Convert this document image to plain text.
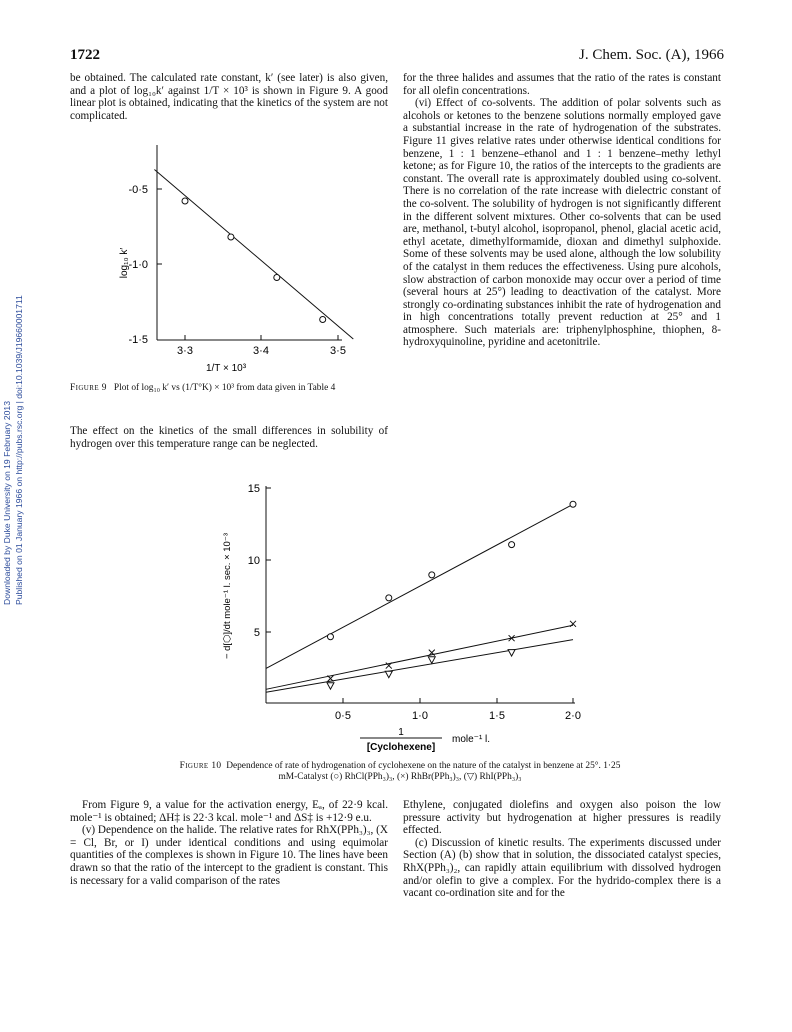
1722	J. Chem. Soc. (A), 1966
Downloaded by Duke University on 19 February 2013 Published on 01 January 1966 on http://pubs.rsc.org | doi:10.1039/J19660001711

be obtained. The calculated rate constant, k′ (see later) is also given, and a plot of log₁₀k′ against 1/T × 10³ is shown in Figure 9. A good linear plot is obtained, indicating that the kinetics of the system are not complicated.

-0·5
-1·0
-1·5
3·3	3·4	3·5
log₁₀ k′
1/T × 10³
Figure 9 Plot of log₁₀ k′ vs (1/T°K) × 10³ from data given in Table 4

The effect on the kinetics of the small differences in solubility of hydrogen over this temperature range can be neglected.

for the three halides and assumes that the ratio of the rates is constant for all olefin concentrations.

(vi) Effect of co-solvents. The addition of polar solvents such as alcohols or ketones to the benzene solutions normally employed gave a substantial increase in the rate of hydrogenation of the substrates. Figure 11 gives relative rates under otherwise identical conditions for benzene, 1 : 1 benzene–ethanol and 1 : 1 benzene–methy lethyl ketone; as for Figure 10, the ratios of the intercepts to the gradients are constant. The overall rate is approximately doubled using co-solvent. There is no correlation of the rate increase with dielectric constant of the co-solvent. The solubility of hydrogen is not significantly different in the different solvent mixtures. Other co-solvents that can be used are, methanol, t-butyl alcohol, isopropanol, phenol, glacial acetic acid, ethyl acetate, dimethylformamide, dioxan and dimethyl sulphoxide. Some of these solvents may be used alone, although the low solubility of the catalyst in them reduces the effectiveness. Using pure alcohols, slow abstraction of carbon monoxide may occur over a period of time (several hours at 25°) leading to deactivation of the catalyst. More strongly co-ordinating substances inhibit the rate of hydrogenation and in high concentrations totally prevent reduction at 25° and 1 atmosphere. Such materials are: triphenylphosphine, thiophen, 8-hydroxyquinoline, pyridine and acetonitrile.

15
10
5
0·5	1·0	1·5	2·0
− d[⬡]/dt mole⁻¹ l. sec. × 10⁻³
1
[Cyclohexene]
mole⁻¹ l.
Figure 10 Dependence of rate of hydrogenation of cyclohexene on the nature of the catalyst in benzene at 25°. 1·25
mM-Catalyst (○) RhCl(PPh₃)₃, (×) RhBr(PPh₃)₃, (▽) RhI(PPh₃)₃

From Figure 9, a value for the activation energy, Eₐ, of 22·9 kcal. mole⁻¹ is obtained; ΔH‡ is 22·3 kcal. mole⁻¹ and ΔS‡ is +12·9 e.u.

(v) Dependence on the halide. The relative rates for RhX(PPh₃)₃, (X = Cl, Br, or I) under identical conditions and using equimolar quantities of the complexes is shown in Figure 10. The lines have been drawn so that the ratio of the intercept to the gradient is constant. This is necessary for a valid comparison of the rates

Ethylene, conjugated diolefins and oxygen also poison the low pressure activity but hydrogenation at higher pressures is readily effected.

(c) Discussion of kinetic results. The experiments discussed under Section (A) (b) show that in solution, the dissociated catalyst species, RhX(PPh₃)₂, can rapidly attain equilibrium with dissolved hydrogen and/or olefin to give a complex. For the hydrido-complex there is a vacant co-ordination site and for the
